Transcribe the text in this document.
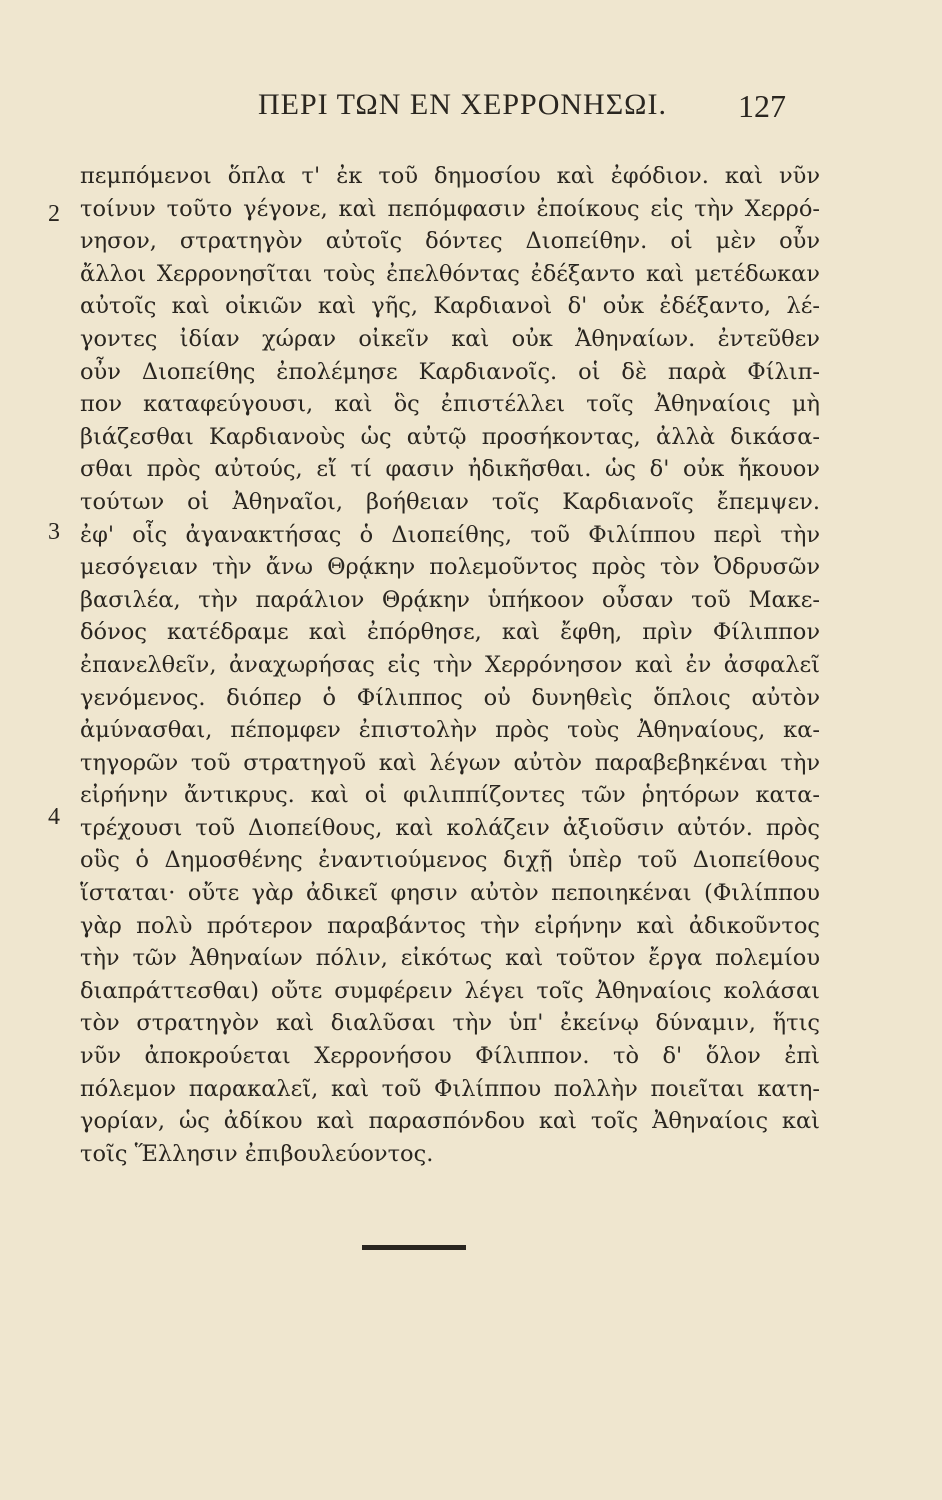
ΠΕΡΙ ΤΩΝ ΕΝ ΧΕΡΡΟΝΗΣΩΙ. 127
2
3
4
πεμπόμενοι ὅπλα τ' ἐκ τοῦ δημοσίου καὶ ἐφόδιον. καὶ νῦν
τοίνυν τοῦτο γέγονε, καὶ πεπόμφασιν ἐποίκους εἰς τὴν Χερρό-
νησον, στρατηγὸν αὐτοῖς δόντες Διοπείθην. οἱ μὲν οὖν
ἄλλοι Χερρονησῖται τοὺς ἐπελθόντας ἐδέξαντο καὶ μετέδωκαν
αὐτοῖς καὶ οἰκιῶν καὶ γῆς, Καρδιανοὶ δ' οὐκ ἐδέξαντο, λέ-
γοντες ἰδίαν χώραν οἰκεῖν καὶ οὐκ Ἀθηναίων. ἐντεῦθεν
οὖν Διοπείθης ἐπολέμησε Καρδιανοῖς. οἱ δὲ παρὰ Φίλιπ-
πον καταφεύγουσι, καὶ ὃς ἐπιστέλλει τοῖς Ἀθηναίοις μὴ
βιάζεσθαι Καρδιανοὺς ὡς αὐτῷ προσήκοντας, ἀλλὰ δικάσα-
σθαι πρὸς αὐτούς, εἴ τί φασιν ἠδικῆσθαι. ὡς δ' οὐκ ἤκουον
τούτων οἱ Ἀθηναῖοι, βοήθειαν τοῖς Καρδιανοῖς ἔπεμψεν.
ἐφ' οἷς ἀγανακτήσας ὁ Διοπείθης, τοῦ Φιλίππου περὶ τὴν
μεσόγειαν τὴν ἄνω Θρᾴκην πολεμοῦντος πρὸς τὸν Ὀδρυσῶν
βασιλέα, τὴν παράλιον Θρᾴκην ὑπήκοον οὖσαν τοῦ Μακε-
δόνος κατέδραμε καὶ ἐπόρθησε, καὶ ἔφθη, πρὶν Φίλιππον
ἐπανελθεῖν, ἀναχωρήσας εἰς τὴν Χερρόνησον καὶ ἐν ἀσφαλεῖ
γενόμενος. διόπερ ὁ Φίλιππος οὐ δυνηθεὶς ὅπλοις αὐτὸν
ἀμύνασθαι, πέπομφεν ἐπιστολὴν πρὸς τοὺς Ἀθηναίους, κα-
τηγορῶν τοῦ στρατηγοῦ καὶ λέγων αὐτὸν παραβεβηκέναι τὴν
εἰρήνην ἄντικρυς. καὶ οἱ φιλιππίζοντες τῶν ῥητόρων κατα-
τρέχουσι τοῦ Διοπείθους, καὶ κολάζειν ἀξιοῦσιν αὐτόν. πρὸς
οὓς ὁ Δημοσθένης ἐναντιούμενος διχῇ ὑπὲρ τοῦ Διοπείθους
ἵσταται· οὔτε γὰρ ἀδικεῖ φησιν αὐτὸν πεποιηκέναι (Φιλίππου
γὰρ πολὺ πρότερον παραβάντος τὴν εἰρήνην καὶ ἀδικοῦντος
τὴν τῶν Ἀθηναίων πόλιν, εἰκότως καὶ τοῦτον ἔργα πολεμίου
διαπράττεσθαι) οὔτε συμφέρειν λέγει τοῖς Ἀθηναίοις κολάσαι
τὸν στρατηγὸν καὶ διαλῦσαι τὴν ὑπ' ἐκείνῳ δύναμιν, ἥτις
νῦν ἀποκρούεται Χερρονήσου Φίλιππον. τὸ δ' ὅλον ἐπὶ
πόλεμον παρακαλεῖ, καὶ τοῦ Φιλίππου πολλὴν ποιεῖται κατη-
γορίαν, ὡς ἀδίκου καὶ παρασπόνδου καὶ τοῖς Ἀθηναίοις καὶ
τοῖς Ἕλλησιν ἐπιβουλεύοντος.
